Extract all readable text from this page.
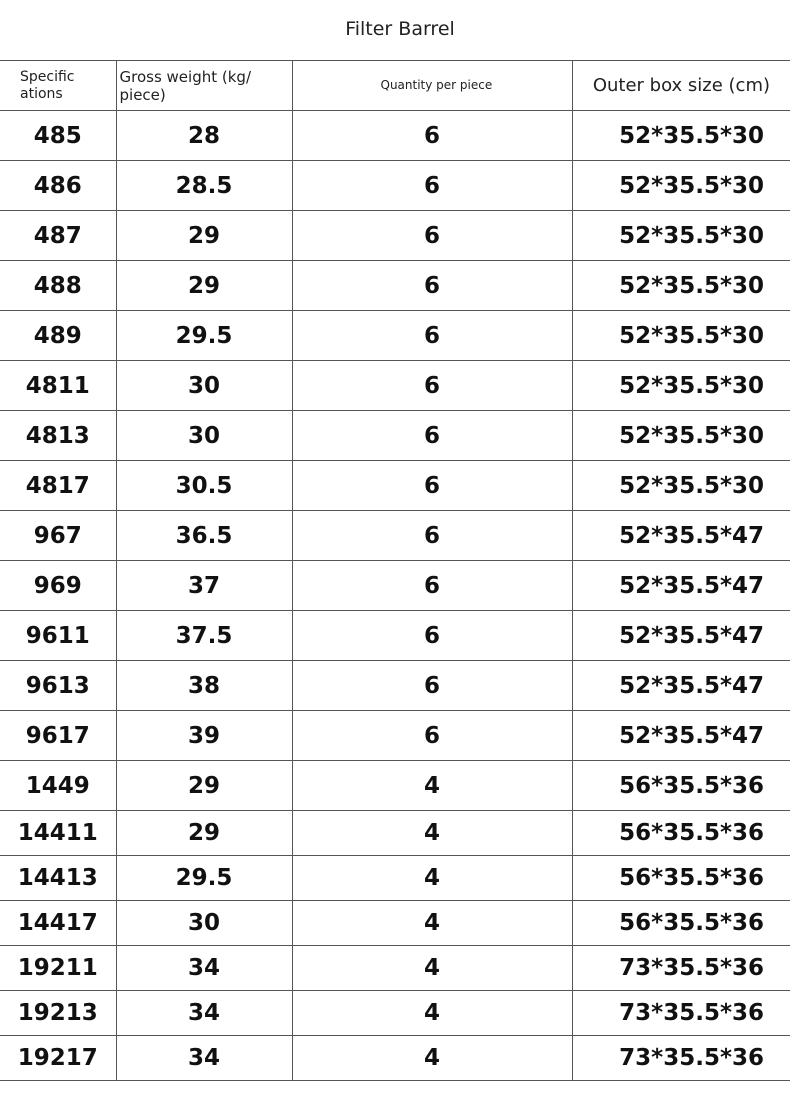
Filter Barrel
Specific ations	Gross weight (kg/ piece)	Quantity per piece	Outer box size (cm)
485	28	6	52*35.5*30
486	28.5	6	52*35.5*30
487	29	6	52*35.5*30
488	29	6	52*35.5*30
489	29.5	6	52*35.5*30
4811	30	6	52*35.5*30
4813	30	6	52*35.5*30
4817	30.5	6	52*35.5*30
967	36.5	6	52*35.5*47
969	37	6	52*35.5*47
9611	37.5	6	52*35.5*47
9613	38	6	52*35.5*47
9617	39	6	52*35.5*47
1449	29	4	56*35.5*36
14411	29	4	56*35.5*36
14413	29.5	4	56*35.5*36
14417	30	4	56*35.5*36
19211	34	4	73*35.5*36
19213	34	4	73*35.5*36
19217	34	4	73*35.5*36
